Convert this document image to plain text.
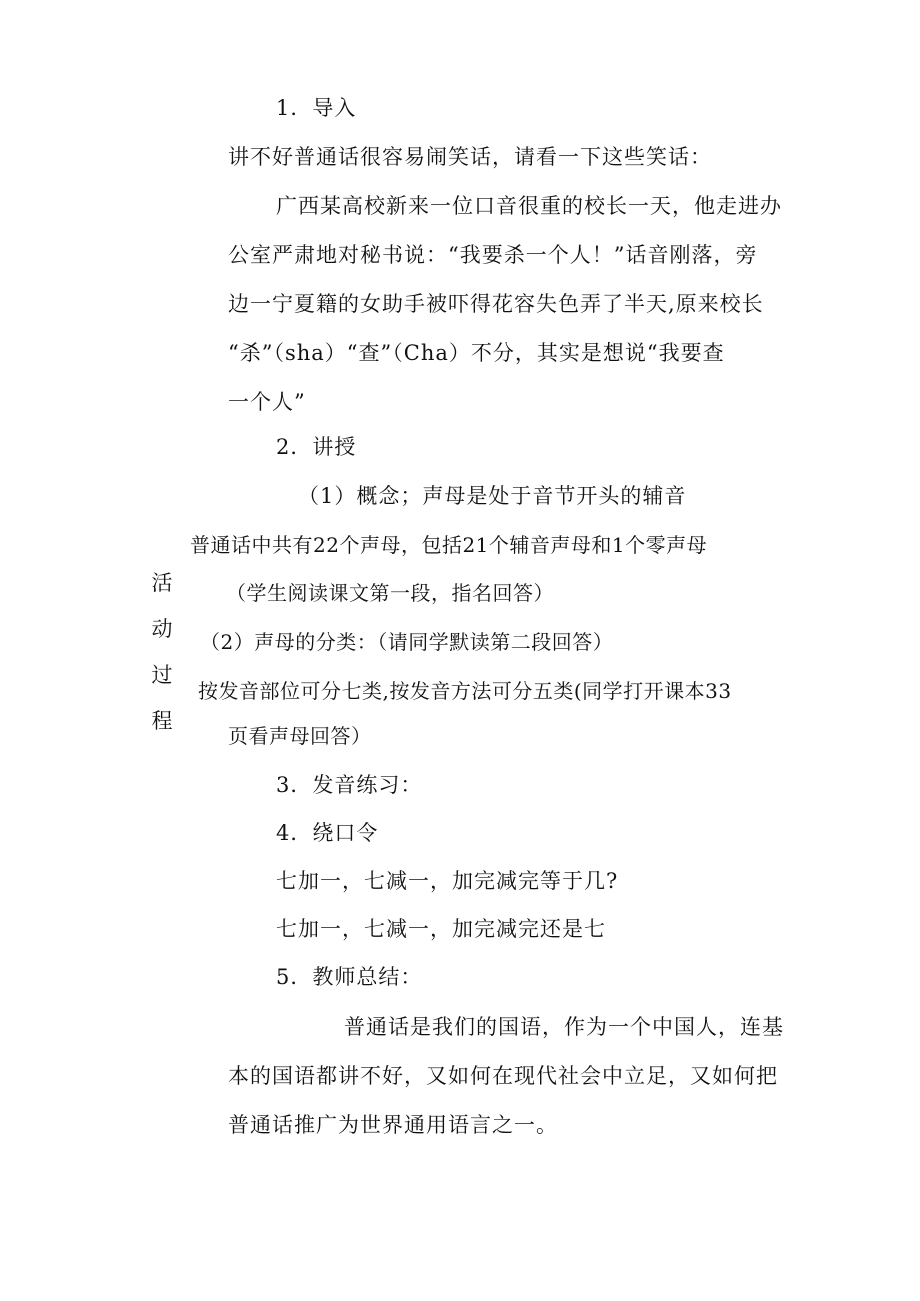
活
动
过
程
1．导入
讲不好普通话很容易闹笑话，请看一下这些笑话：
广西某高校新来一位口音很重的校长一天，他走进办
公室严肃地对秘书说：“我要杀一个人！”话音刚落，旁
边一宁夏籍的女助手被吓得花容失色弄了半天,原来校长
“杀”（sha）“查”（Cha）不分，其实是想说“我要查
一个人”
2．讲授
（1）概念；声母是处于音节开头的辅音
普通话中共有22个声母，包括21个辅音声母和1个零声母
（学生阅读课文第一段，指名回答）
（2）声母的分类：（请同学默读第二段回答）
按发音部位可分七类,按发音方法可分五类(同学打开课本33
页看声母回答）
3．发音练习：
4．绕口令
七加一，七减一，加完减完等于几?
七加一，七减一，加完减完还是七
5．教师总结：
普通话是我们的国语，作为一个中国人，连基
本的国语都讲不好，又如何在现代社会中立足，又如何把
普通话推广为世界通用语言之一。
